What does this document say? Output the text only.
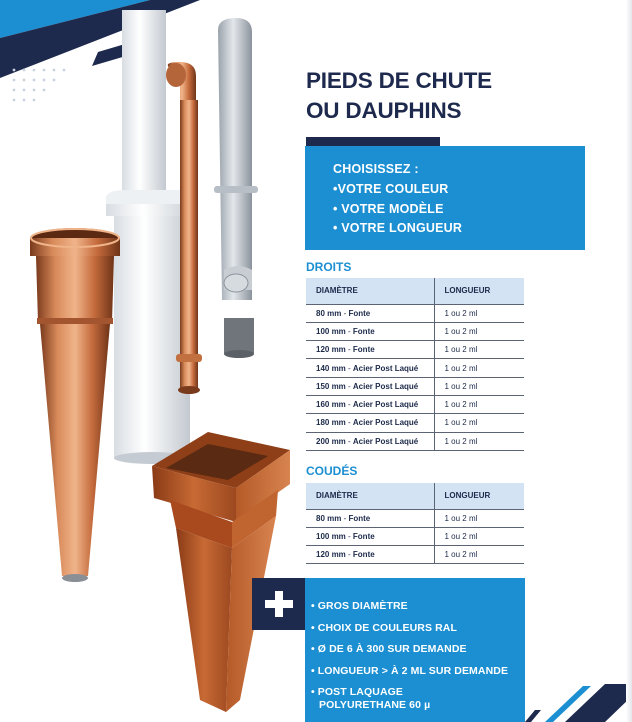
PIEDS DE CHUTE
OU DAUPHINS
CHOISISSEZ :
•VOTRE COULEUR
• VOTRE MODÈLE
• VOTRE LONGUEUR
DROITS
DIAMÈTRE	LONGUEUR
80 mm - Fonte	1 ou 2 ml
100 mm - Fonte	1 ou 2 ml
120 mm - Fonte	1 ou 2 ml
140 mm - Acier Post Laqué	1 ou 2 ml
150 mm - Acier Post Laqué	1 ou 2 ml
160 mm - Acier Post Laqué	1 ou 2 ml
180 mm - Acier Post Laqué	1 ou 2 ml
200 mm - Acier Post Laqué	1 ou 2 ml
COUDÉS
DIAMÈTRE	LONGUEUR
80 mm - Fonte	1 ou 2 ml
100 mm - Fonte	1 ou 2 ml
120 mm - Fonte	1 ou 2 ml
• GROS DIAMÈTRE
• CHOIX DE COULEURS RAL
• Ø DE 6 À 300 SUR DEMANDE
• LONGUEUR > À 2 ML SUR DEMANDE
• POST LAQUAGE
POLYURETHANE 60 µ
